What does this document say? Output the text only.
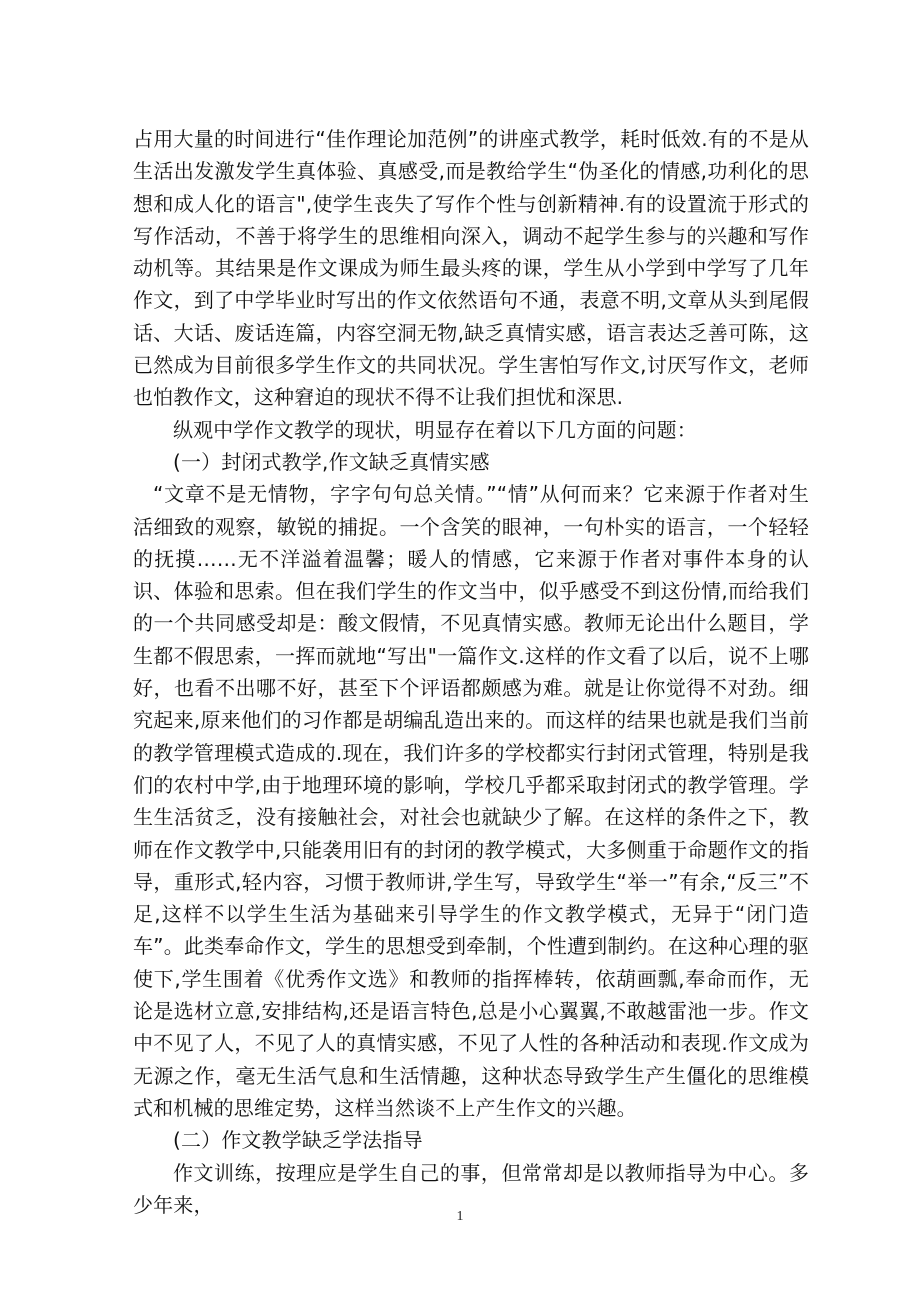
占用大量的时间进行“佳作理论加范例”的讲座式教学，耗时低效.有的不是从生活出发激发学生真体验、真感受,而是教给学生“伪圣化的情感,功利化的思想和成人化的语言",使学生丧失了写作个性与创新精神.有的设置流于形式的写作活动，不善于将学生的思维相向深入，调动不起学生参与的兴趣和写作动机等。其结果是作文课成为师生最头疼的课，学生从小学到中学写了几年作文，到了中学毕业时写出的作文依然语句不通，表意不明,文章从头到尾假话、大话、废话连篇，内容空洞无物,缺乏真情实感，语言表达乏善可陈，这已然成为目前很多学生作文的共同状况。学生害怕写作文,讨厌写作文，老师也怕教作文，这种窘迫的现状不得不让我们担忧和深思.

纵观中学作文教学的现状，明显存在着以下几方面的问题：

(一）封闭式教学,作文缺乏真情实感

“文章不是无情物，字字句句总关情。”“情”从何而来？它来源于作者对生活细致的观察，敏锐的捕捉。一个含笑的眼神，一句朴实的语言，一个轻轻的抚摸……无不洋溢着温馨；暖人的情感，它来源于作者对事件本身的认识、体验和思索。但在我们学生的作文当中，似乎感受不到这份情,而给我们的一个共同感受却是：酸文假情，不见真情实感。教师无论出什么题目，学生都不假思索，一挥而就地“写出"一篇作文.这样的作文看了以后，说不上哪好，也看不出哪不好，甚至下个评语都颇感为难。就是让你觉得不对劲。细究起来,原来他们的习作都是胡编乱造出来的。而这样的结果也就是我们当前的教学管理模式造成的.现在，我们许多的学校都实行封闭式管理，特别是我们的农村中学,由于地理环境的影响，学校几乎都采取封闭式的教学管理。学生生活贫乏，没有接触社会，对社会也就缺少了解。在这样的条件之下，教师在作文教学中,只能袭用旧有的封闭的教学模式，大多侧重于命题作文的指导，重形式,轻内容，习惯于教师讲,学生写，导致学生“举一”有余,“反三”不足,这样不以学生生活为基础来引导学生的作文教学模式，无异于“闭门造车”。此类奉命作文，学生的思想受到牵制，个性遭到制约。在这种心理的驱使下,学生围着《优秀作文选》和教师的指挥棒转，依葫画瓢,奉命而作，无论是选材立意,安排结构,还是语言特色,总是小心翼翼,不敢越雷池一步。作文中不见了人，不见了人的真情实感，不见了人性的各种活动和表现.作文成为无源之作，毫无生活气息和生活情趣，这种状态导致学生产生僵化的思维模式和机械的思维定势，这样当然谈不上产生作文的兴趣。

(二）作文教学缺乏学法指导

作文训练，按理应是学生自己的事，但常常却是以教师指导为中心。多少年来，	1
